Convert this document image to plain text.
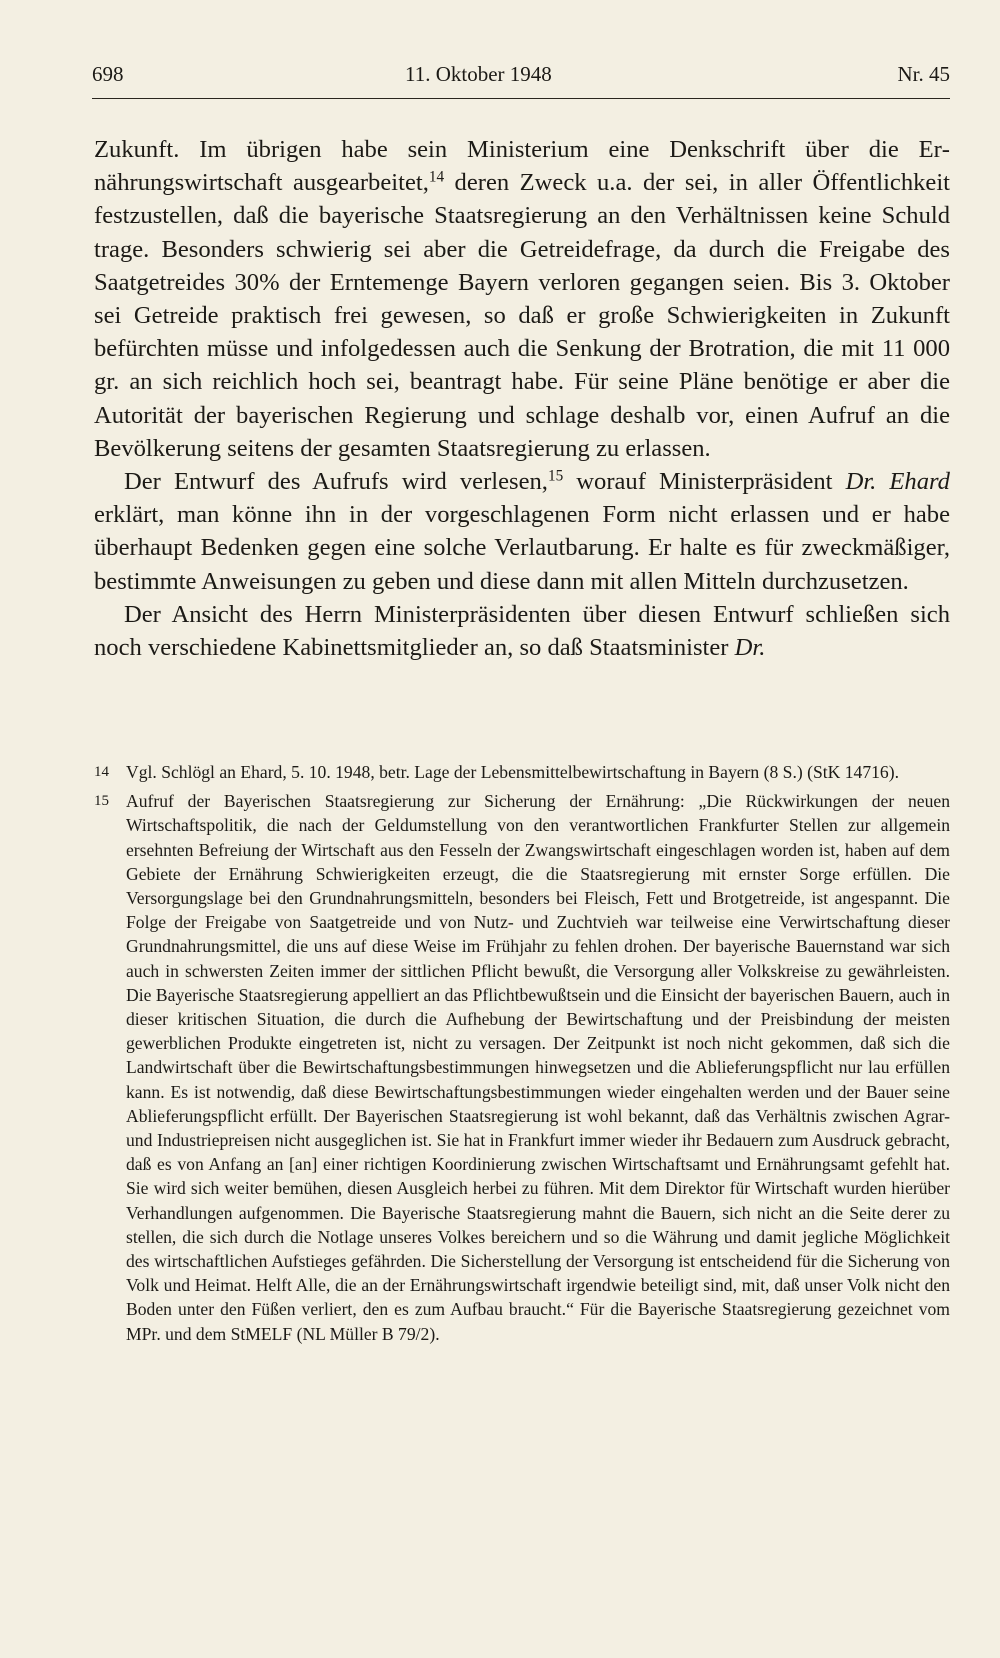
698	11. Oktober 1948	Nr. 45

Zukunft. Im übrigen habe sein Ministerium eine Denkschrift über die Ernährungswirtschaft ausgearbeitet,$^{14}$ deren Zweck u.a. der sei, in aller Öffentlichkeit festzustellen, daß die bayerische Staatsregierung an den Verhältnissen keine Schuld trage. Besonders schwierig sei aber die Getreidefrage, da durch die Freigabe des Saatgetreides 30% der Erntemenge Bayern verloren gegangen seien. Bis 3. Oktober sei Getreide praktisch frei gewesen, so daß er große Schwierigkeiten in Zukunft befürchten müsse und infolgedessen auch die Senkung der Brotration, die mit 11 000 gr. an sich reichlich hoch sei, beantragt habe. Für seine Pläne benötige er aber die Autorität der bayerischen Regierung und schlage deshalb vor, einen Aufruf an die Bevölkerung seitens der gesamten Staatsregierung zu erlassen.

Der Entwurf des Aufrufs wird verlesen,$^{15}$ worauf Ministerpräsident Dr. Ehard erklärt, man könne ihn in der vorgeschlagenen Form nicht erlassen und er habe überhaupt Bedenken gegen eine solche Verlautbarung. Er halte es für zweckmäßiger, bestimmte Anweisungen zu geben und diese dann mit allen Mitteln durchzusetzen.

Der Ansicht des Herrn Ministerpräsidenten über diesen Entwurf schließen sich noch verschiedene Kabinettsmitglieder an, so daß Staatsminister Dr.

14 Vgl. Schlögl an Ehard, 5. 10. 1948, betr. Lage der Lebensmittelbewirtschaftung in Bayern (8 S.) (StK 14716).
15 Aufruf der Bayerischen Staatsregierung zur Sicherung der Ernährung: „Die Rückwirkungen der neuen Wirtschaftspolitik, die nach der Geldumstellung von den verantwortlichen Frankfurter Stellen zur allgemein ersehnten Befreiung der Wirtschaft aus den Fesseln der Zwangswirtschaft eingeschlagen worden ist, haben auf dem Gebiete der Ernährung Schwierigkeiten erzeugt, die die Staatsregierung mit ernster Sorge erfüllen. Die Versorgungslage bei den Grundnahrungsmitteln, besonders bei Fleisch, Fett und Brotgetreide, ist angespannt. Die Folge der Freigabe von Saatgetreide und von Nutz- und Zuchtvieh war teilweise eine Verwirtschaftung dieser Grundnahrungsmittel, die uns auf diese Weise im Frühjahr zu fehlen drohen. Der bayerische Bauernstand war sich auch in schwersten Zeiten immer der sittlichen Pflicht bewußt, die Versorgung aller Volkskreise zu gewährleisten. Die Bayerische Staatsregierung appelliert an das Pflichtbewußtsein und die Einsicht der bayerischen Bauern, auch in dieser kritischen Situation, die durch die Aufhebung der Bewirtschaftung und der Preisbindung der meisten gewerblichen Produkte eingetreten ist, nicht zu versagen. Der Zeitpunkt ist noch nicht gekommen, daß sich die Landwirtschaft über die Bewirtschaftungsbestimmungen hinwegsetzen und die Ablieferungspflicht nur lau erfüllen kann. Es ist notwendig, daß diese Bewirtschaftungsbestimmungen wieder eingehalten werden und der Bauer seine Ablieferungspflicht erfüllt. Der Bayerischen Staatsregierung ist wohl bekannt, daß das Verhältnis zwischen Agrar- und Industriepreisen nicht ausgeglichen ist. Sie hat in Frankfurt immer wieder ihr Bedauern zum Ausdruck gebracht, daß es von Anfang an [an] einer richtigen Koordinierung zwischen Wirtschaftsamt und Ernährungsamt gefehlt hat. Sie wird sich weiter bemühen, diesen Ausgleich herbei zu führen. Mit dem Direktor für Wirtschaft wurden hierüber Verhandlungen aufgenommen. Die Bayerische Staatsregierung mahnt die Bauern, sich nicht an die Seite derer zu stellen, die sich durch die Notlage unseres Volkes bereichern und so die Währung und damit jegliche Möglichkeit des wirtschaftlichen Aufstieges gefährden. Die Sicherstellung der Versorgung ist entscheidend für die Sicherung von Volk und Heimat. Helft Alle, die an der Ernährungswirtschaft irgendwie beteiligt sind, mit, daß unser Volk nicht den Boden unter den Füßen verliert, den es zum Aufbau braucht.“ Für die Bayerische Staatsregierung gezeichnet vom MPr. und dem StMELF (NL Müller B 79/2).
